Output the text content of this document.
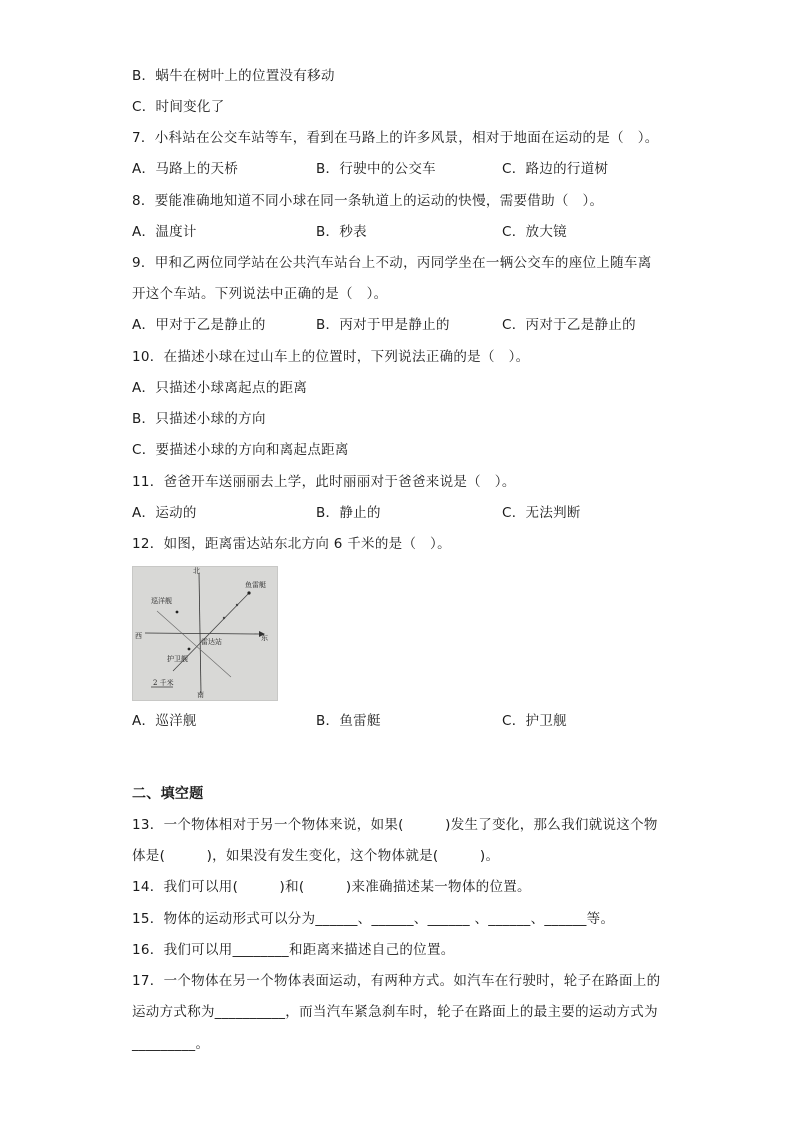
B．蜗牛在树叶上的位置没有移动
C．时间变化了
7．小科站在公交车站等车，看到在马路上的许多风景，相对于地面在运动的是（　）。
A．马路上的天桥	B．行驶中的公交车	C．路边的行道树
8．要能准确地知道不同小球在同一条轨道上的运动的快慢，需要借助（　）。
A．温度计	B．秒表	C．放大镜
9．甲和乙两位同学站在公共汽车站台上不动，丙同学坐在一辆公交车的座位上随车离
开这个车站。下列说法中正确的是（　）。
A．甲对于乙是静止的	B．丙对于甲是静止的	C．丙对于乙是静止的
10．在描述小球在过山车上的位置时，下列说法正确的是（　）。
A．只描述小球离起点的距离
B．只描述小球的方向
C．要描述小球的方向和离起点距离
11．爸爸开车送丽丽去上学，此时丽丽对于爸爸来说是（　）。
A．运动的	B．静止的	C．无法判断
12．如图，距离雷达站东北方向 6 千米的是（　）。
北
南
东
西
雷达站
巡洋舰
鱼雷艇
护卫舰
2 千米
A．巡洋舰	B．鱼雷艇	C．护卫舰
二、填空题
13．一个物体相对于另一个物体来说，如果(　　　)发生了变化，那么我们就说这个物
体是(　　　)，如果没有发生变化，这个物体就是(　　　)。
14．我们可以用(　　　)和(　　　)来准确描述某一物体的位置。
15．物体的运动形式可以分为______、______、______ 、______、______等。
16．我们可以用________和距离来描述自己的位置。
17．一个物体在另一个物体表面运动，有两种方式。如汽车在行驶时，轮子在路面上的
运动方式称为__________，而当汽车紧急刹车时，轮子在路面上的最主要的运动方式为
_________。
